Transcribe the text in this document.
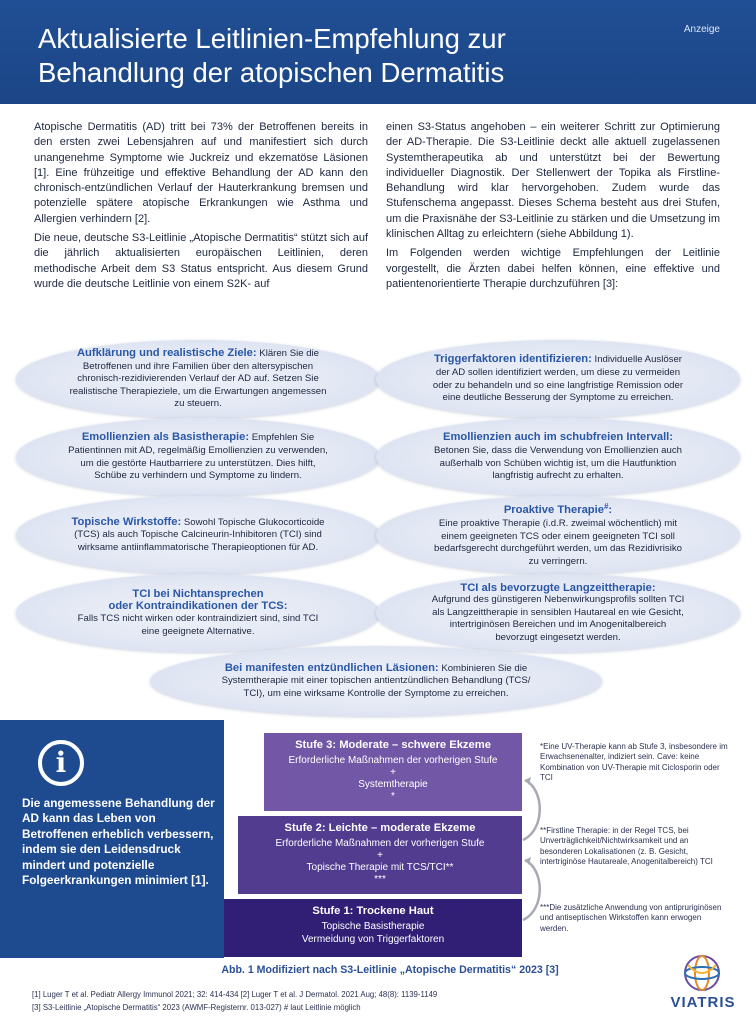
Aktualisierte Leitlinien-Empfehlung zur
Behandlung der atopischen Dermatitis
Anzeige

Atopische Dermatitis (AD) tritt bei 73% der Betroffenen bereits in den ersten zwei Lebensjahren auf und manifestiert sich durch unangenehme Symptome wie Juckreiz und ekzematöse Läsionen [1]. Eine frühzeitige und effektive Behandlung der AD kann den chronisch-entzündlichen Verlauf der Hauterkrankung bremsen und potenzielle spätere atopische Erkrankungen wie Asthma und Allergien verhindern [2].

Die neue, deutsche S3-Leitlinie „Atopische Dermatitis“ stützt sich auf die jährlich aktualisierten europäischen Leitlinien, deren methodische Arbeit dem S3 Status entspricht. Aus diesem Grund wurde die deutsche Leitlinie von einem S2K- auf

einen S3-Status angehoben – ein weiterer Schritt zur Optimierung der AD-Therapie. Die S3-Leitlinie deckt alle aktuell zugelassenen Systemtherapeutika ab und unterstützt bei der Bewertung individueller Diagnostik. Der Stellenwert der Topika als Firstline-Behandlung wird klar hervorgehoben. Zudem wurde das Stufenschema angepasst. Dieses Schema besteht aus drei Stufen, um die Praxisnähe der S3-Leitlinie zu stärken und die Umsetzung im klinischen Alltag zu erleichtern (siehe Abbildung 1).

Im Folgenden werden wichtige Empfehlungen der Leitlinie vorgestellt, die Ärzten dabei helfen können, eine effektive und patientenorientierte Therapie durchzuführen [3]:

Aufklärung und realistische Ziele: Klären Sie die Betroffenen und ihre Familien über den altersypischen chronisch-rezidivierenden Verlauf der AD auf. Setzen Sie realistische Therapieziele, um die Erwartungen angemessen zu steuern.
Triggerfaktoren identifizieren: Individuelle Auslöser der AD sollen identifiziert werden, um diese zu vermeiden oder zu behandeln und so eine langfristige Remission oder eine deutliche Besserung der Symptome zu erreichen.
Emollienzien als Basistherapie: Empfehlen Sie Patientinnen mit AD, regelmäßig Emollienzien zu verwenden, um die gestörte Hautbarriere zu unterstützen. Dies hilft, Schübe zu verhindern und Symptome zu lindern.
Emollienzien auch im schubfreien Intervall: Betonen Sie, dass die Verwendung von Emollienzien auch außerhalb von Schüben wichtig ist, um die Hautfunktion langfristig aufrecht zu erhalten.
Topische Wirkstoffe: Sowohl Topische Glukocorticoide (TCS) als auch Topische Calcineurin-Inhibitoren (TCI) sind wirksame antiinflammatorische Therapieoptionen für AD.
Proaktive Therapie#:
Eine proaktive Therapie (i.d.R. zweimal wöchentlich) mit einem geeigneten TCS oder einem geeigneten TCI soll bedarfsgerecht durchgeführt werden, um das Rezidivrisiko zu verringern.
TCI bei Nichtansprechen
oder Kontraindikationen der TCS:
Falls TCS nicht wirken oder kontraindiziert sind, sind TCI eine geeignete Alternative.
TCI als bevorzugte Langzeittherapie:
Aufgrund des günstigeren Nebenwirkungsprofils sollten TCI als Langzeittherapie in sensiblen Hautareal en wie Gesicht, intertriginösen Bereichen und im Anogenitalbereich bevorzugt eingesetzt werden.
Bei manifesten entzündlichen Läsionen: Kombinieren Sie die Systemtherapie mit einer topischen antientzündlichen Behandlung (TCS/ TCI), um eine wirksame Kontrolle der Symptome zu erreichen.
i
Die angemessene Behandlung der AD kann das Leben von Betroffenen erheblich verbessern, indem sie den Leidensdruck mindert und potenzielle Folgeerkrankungen minimiert [1].
Stufe 3: Moderate – schwere Ekzeme
Erforderliche Maßnahmen der vorherigen Stufe
+
Systemtherapie
*
Stufe 2: Leichte – moderate Ekzeme
Erforderliche Maßnahmen der vorherigen Stufe
+
Topische Therapie mit TCS/TCI**
***
Stufe 1: Trockene Haut
Topische Basistherapie
Vermeidung von Triggerfaktoren
*Eine UV-Therapie kann ab Stufe 3, insbesondere im Erwachsenenalter, indiziert sein. Cave: keine Kombination von UV-Therapie mit Ciclosporin oder TCI
**Firstline Therapie: in der Regel TCS, bei Unverträglichkeit/Nichtwirksamkeit und an besonderen Lokalisationen (z. B. Gesicht, intertriginöse Hautareale, Anogenitalbereich) TCI
***Die zusätzliche Anwendung von antipruriginösen und antiseptischen Wirkstoffen kann erwogen werden.
Abb. 1 Modifiziert nach S3-Leitlinie „Atopische Dermatitis“ 2023 [3]
[1] Luger T et al. Pediatr Allergy Immunol 2021; 32: 414-434 [2] Luger T et al. J Dermatol. 2021 Aug; 48(8): 1139-1149
[3] S3-Leitlinie „Atopische Dermatitis“ 2023 (AWMF-Registernr. 013-027) # laut Leitlinie möglich	VIATRIS
